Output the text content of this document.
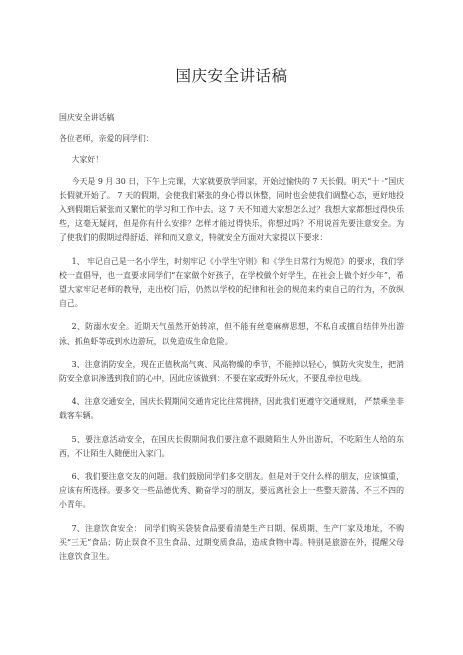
国庆安全讲话稿

国庆安全讲话稿

各位老师，亲爱的同学们：

大家好！

今天是 9 月 30 日，下午上完课，大家就要放学回家，开始过愉快的 7 天长假。明天“十 ·”国庆长假就开始了。 7 天的假期，会使我们紧张的身心得以休整，同时也会使我们调整心态，更好地投入到假期后紧张而又繁忙的学习和工作中去。这 7 天不知道大家想怎么过？我想大家都想过得快乐些，这毫无疑问，但是你有什么安排？怎样才能过得快乐，你想过吗？不用说首先要注意安全。为了使我们的假期过得舒适、祥和而又意义，特就安全方面对大家提以下要求：

1、 牢记自己是一名小学生，时刻牢记《小学生守则》和《学生日常行为规范》的要求，我们学校一直倡导，也一直要求同学们“在家做个好孩子，在学校做个好学生，在社会上做个好少年”，希望大家牢记老师的教导，走出校门后，仍然以学校的纪律和社会的规范来约束自己的行为，不放纵自己。

2、防溺水安全。近期天气虽然开始转凉，但不能有丝毫麻痹思想，不私自或擅自结伴外出游泳、抓鱼虾等或到水边游玩，以免造成生命危险。

3、注意消防安全，现在正值秋高气爽、风高物燥的季节，不能掉以轻心，慎防火灾发生，把消防安全意识渗透到我们的心中，因此应该做到：不要在家或野外玩火，不要乱牵拉电线。

4、注意交通安全，国庆长假期间交通肯定比往常拥挤，因此我们更遵守交通规则， 严禁乘坐非载客车辆。

5、要注意活动安全，在国庆长假期间我们要注意不跟随陌生人外出游玩，不吃陌生人给的东西，不让陌生人随便出入家门。

6、我们要注意交友的问题。我们鼓励同学们多交朋友。但是对于交什么样的朋友，应该慎重，应该有所选择。要多交一些品德优秀、勤奋学习的朋友，要远离社会上一些整天游荡、不三不四的小青年。

7、注意饮食安全： 同学们购买袋装食品要看清楚生产日期、保质期、生产厂家及地址，不购买“三无”食品；防止误食不卫生食品、过期变质食品，造成食物中毒。特别是旅游在外，提醒父母注意饮食卫生。
